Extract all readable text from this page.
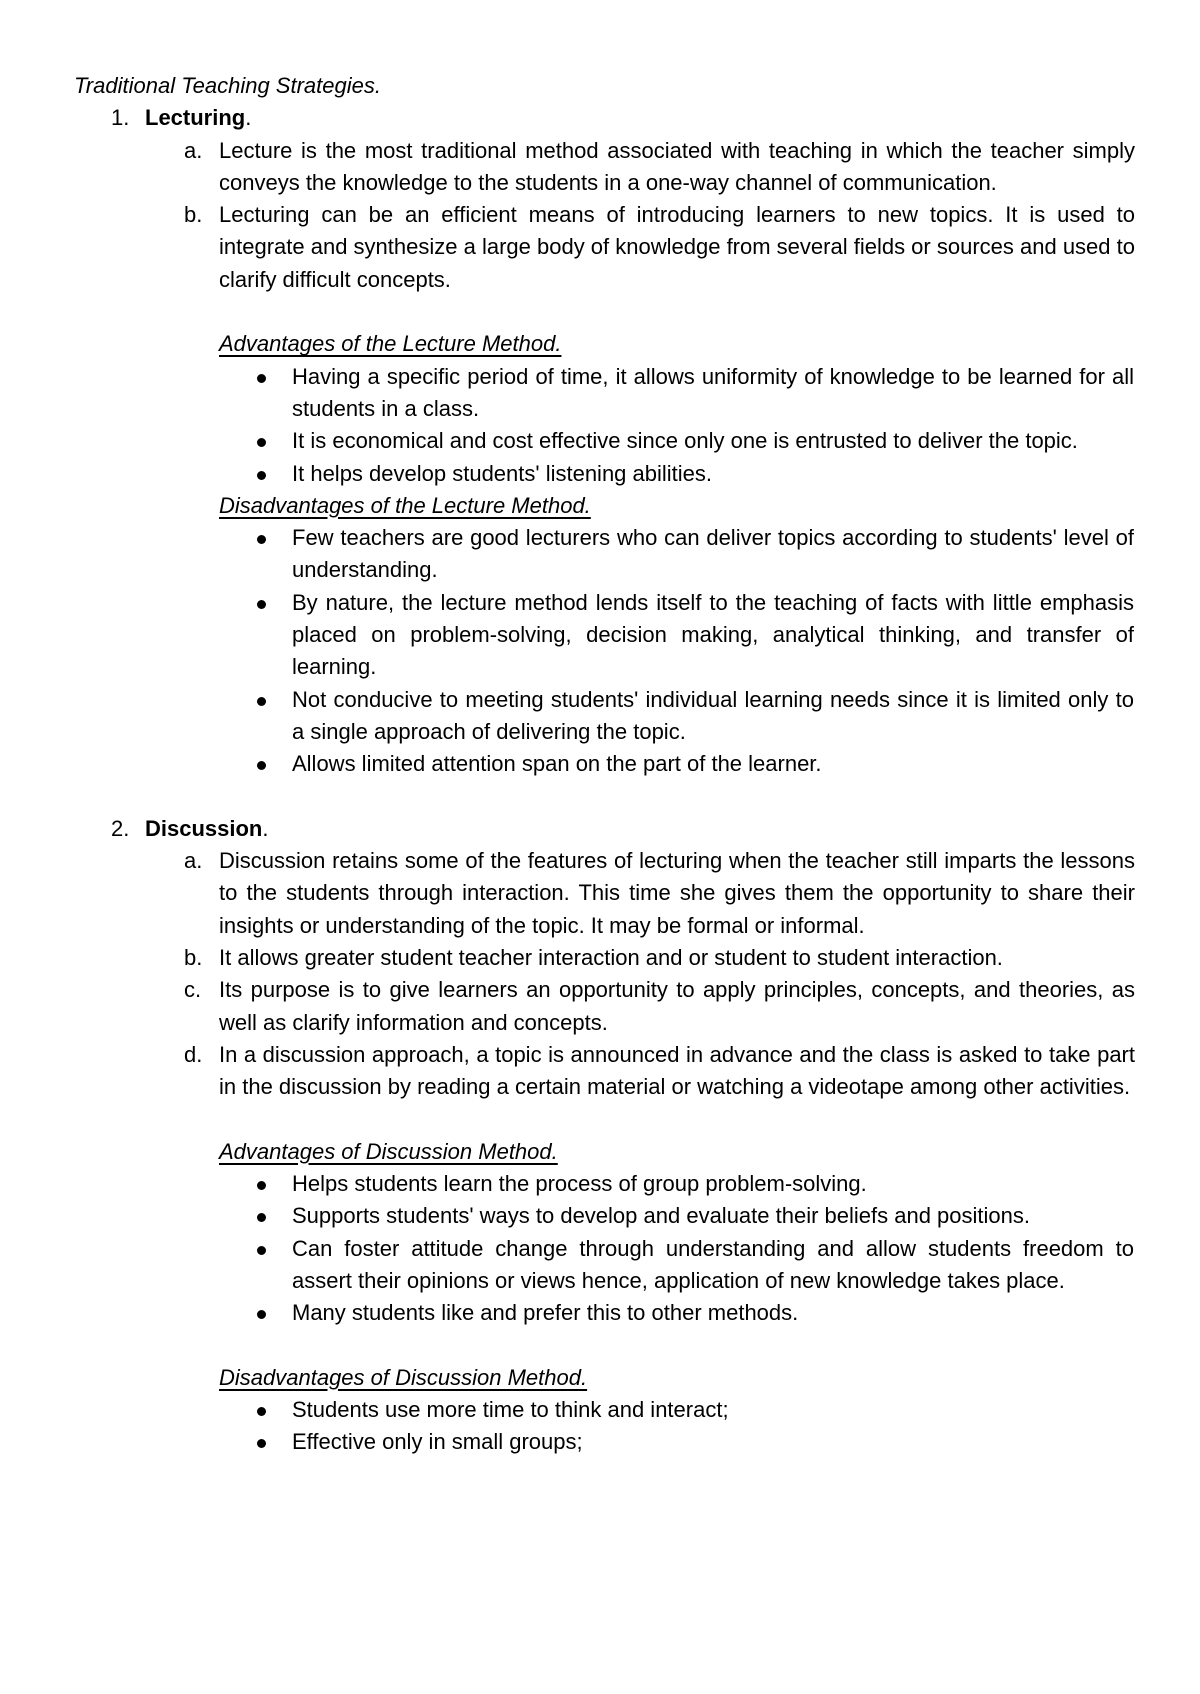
Traditional Teaching Strategies.

1. Lecturing.

a. Lecture is the most traditional method associated with teaching in which the teacher simply conveys the knowledge to the students in a one-way channel of communication.

b. Lecturing can be an efficient means of introducing learners to new topics. It is used to integrate and synthesize a large body of knowledge from several fields or sources and used to clarify difficult concepts.

Advantages of the Lecture Method.

Having a specific period of time, it allows uniformity of knowledge to be learned for all students in a class.

It is economical and cost effective since only one is entrusted to deliver the topic.

It helps develop students' listening abilities.

Disadvantages of the Lecture Method.

Few teachers are good lecturers who can deliver topics according to students' level of understanding.

By nature, the lecture method lends itself to the teaching of facts with little emphasis placed on problem-solving, decision making, analytical thinking, and transfer of learning.

Not conducive to meeting students' individual learning needs since it is limited only to a single approach of delivering the topic.

Allows limited attention span on the part of the learner.

2. Discussion.

a. Discussion retains some of the features of lecturing when the teacher still imparts the lessons to the students through interaction. This time she gives them the opportunity to share their insights or understanding of the topic. It may be formal or informal.

b. It allows greater student teacher interaction and or student to student interaction.

c. Its purpose is to give learners an opportunity to apply principles, concepts, and theories, as well as clarify information and concepts.

d. In a discussion approach, a topic is announced in advance and the class is asked to take part in the discussion by reading a certain material or watching a videotape among other activities.

Advantages of Discussion Method.

Helps students learn the process of group problem-solving.

Supports students' ways to develop and evaluate their beliefs and positions.

Can foster attitude change through understanding and allow students freedom to assert their opinions or views hence, application of new knowledge takes place.

Many students like and prefer this to other methods.

Disadvantages of Discussion Method.

Students use more time to think and interact;

Effective only in small groups;
